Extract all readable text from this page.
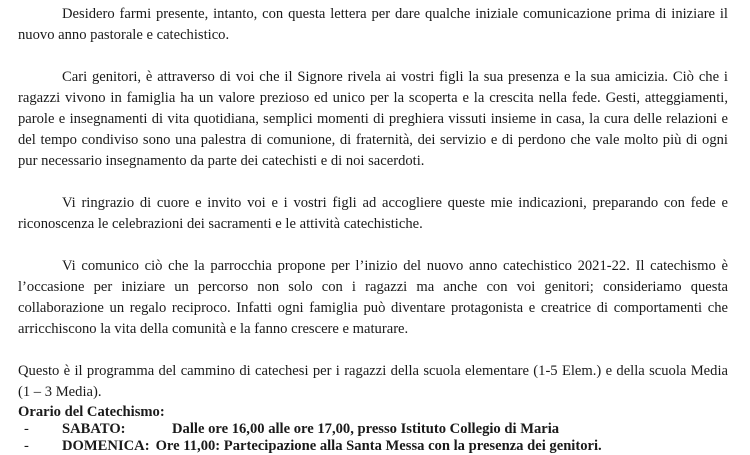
Desidero farmi presente, intanto, con questa lettera per dare qualche iniziale comunicazione prima di iniziare il nuovo anno pastorale e catechistico.

Cari genitori, è attraverso di voi che il Signore rivela ai vostri figli la sua presenza e la sua amicizia. Ciò che i ragazzi vivono in famiglia ha un valore prezioso ed unico per la scoperta e la crescita nella fede. Gesti, atteggiamenti, parole e insegnamenti di vita quotidiana, semplici momenti di preghiera vissuti insieme in casa, la cura delle relazioni e del tempo condiviso sono una palestra di comunione, di fraternità, dei servizio e di perdono che vale molto più di ogni pur necessario insegnamento da parte dei catechisti e di noi sacerdoti.

Vi ringrazio di cuore e invito voi e i vostri figli ad accogliere queste mie indicazioni, preparando con fede e riconoscenza le celebrazioni dei sacramenti e le attività catechistiche.

Vi comunico ciò che la parrocchia propone per l’inizio del nuovo anno catechistico 2021-22. Il catechismo è l’occasione per iniziare un percorso non solo con i ragazzi ma anche con voi genitori; consideriamo questa collaborazione un regalo reciproco. Infatti ogni famiglia può diventare protagonista e creatrice di comportamenti che arricchiscono la vita della comunità e la fanno crescere e maturare.

Questo è il programma del cammino di catechesi per i ragazzi della scuola elementare (1-5 Elem.) e della scuola Media (1 – 3 Media).

Orario del Catechismo:

-	SABATO:	Dalle ore 16,00 alle ore 17,00, presso Istituto Collegio di Maria
-	DOMENICA: Ore 11,00: Partecipazione alla Santa Messa con la presenza dei genitori.
